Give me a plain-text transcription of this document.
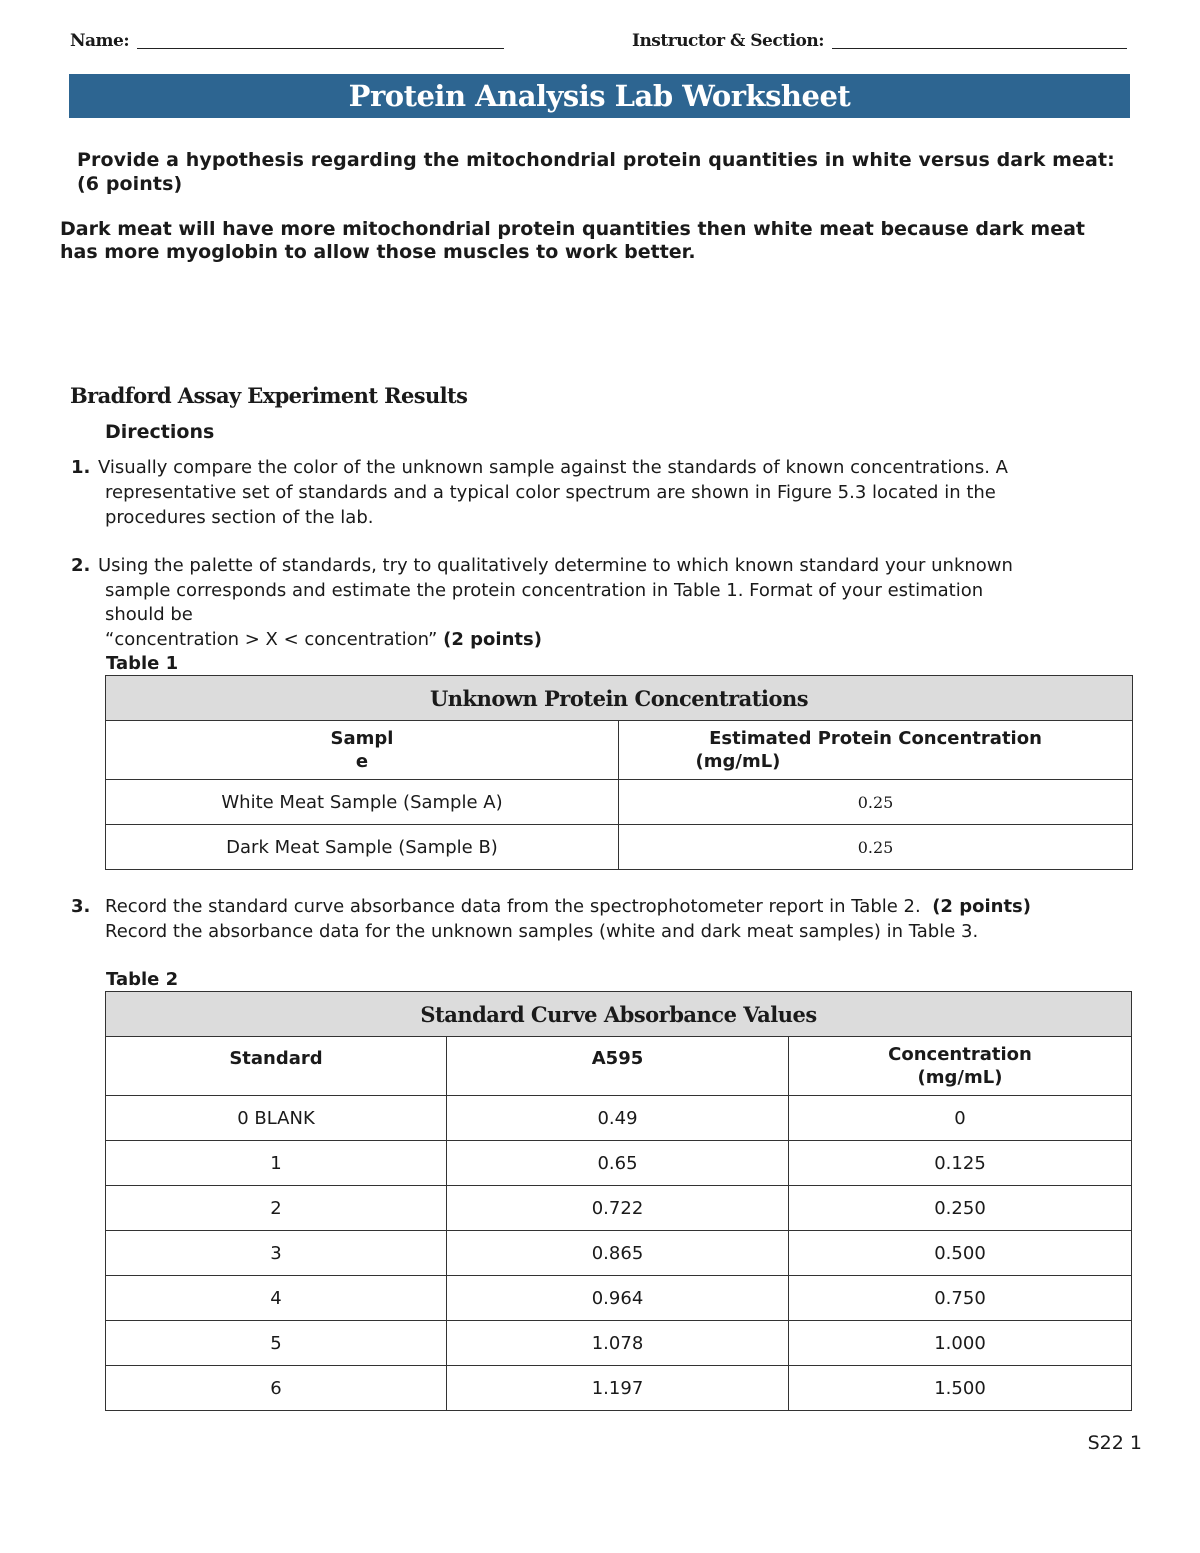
Name:	Instructor & Section:
Protein Analysis Lab Worksheet
Provide a hypothesis regarding the mitochondrial protein quantities in white versus dark meat:
(6 points)
Dark meat will have more mitochondrial protein quantities then white meat because dark meat
has more myoglobin to allow those muscles to work better.
Bradford Assay Experiment Results
Directions
1. Visually compare the color of the unknown sample against the standards of known concentrations. A
representative set of standards and a typical color spectrum are shown in Figure 5.3 located in the
procedures section of the lab.
2. Using the palette of standards, try to qualitatively determine to which known standard your unknown
sample corresponds and estimate the protein concentration in Table 1. Format of your estimation
should be
“concentration > X < concentration” (2 points)
Table 1
Unknown Protein Concentrations	
Sampl
e	Estimated Protein Concentration
(mg/mL)
White Meat Sample (Sample A)	0.25
Dark Meat Sample (Sample B)	0.25
3. Record the standard curve absorbance data from the spectrophotometer report in Table 2. (2 points)
Record the absorbance data for the unknown samples (white and dark meat samples) in Table 3.
Table 2
Standard Curve Absorbance Values		
Standard	A595	Concentration
(mg/mL)
0 BLANK	0.49	0
1	0.65	0.125
2	0.722	0.250
3	0.865	0.500
4	0.964	0.750
5	1.078	1.000
6	1.197	1.500
S22 1
